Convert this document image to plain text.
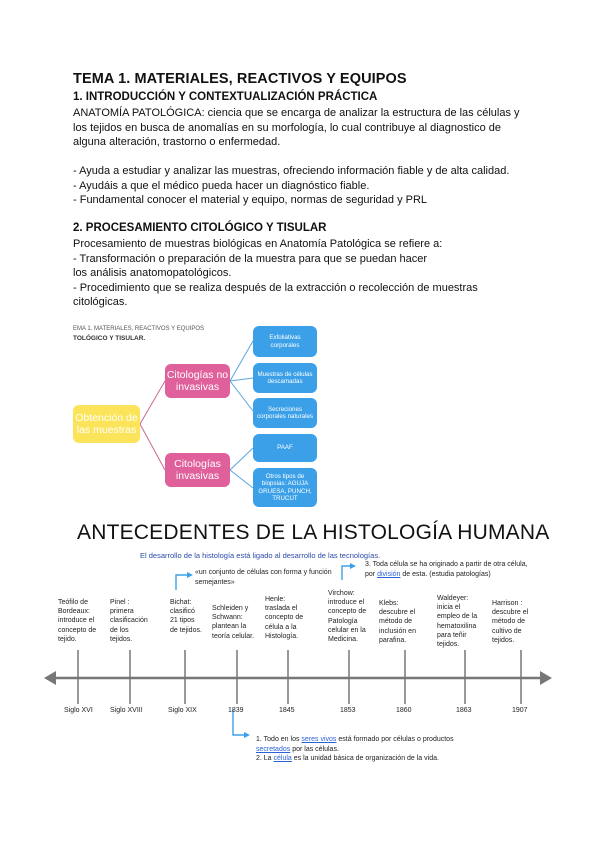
TEMA 1. MATERIALES, REACTIVOS Y EQUIPOS
1. INTRODUCCIÓN Y CONTEXTUALIZACIÓN PRÁCTICA
ANATOMÍA PATOLÓGICA: ciencia que se encarga de analizar la estructura de las células y los tejidos en busca de anomalías en su morfología, lo cual contribuye al diagnostico de alguna alteración, trastorno o enfermedad.
- Ayuda a estudiar y analizar las muestras, ofreciendo información fiable y de alta calidad.
- Ayudáis a que el médico pueda hacer un diagnóstico fiable.
- Fundamental conocer el material y equipo, normas de seguridad y PRL
2. PROCESAMIENTO CITOLÓGICO Y TISULAR
Procesamiento de muestras biológicas en Anatomía Patológica se refiere a:
- Transformación o preparación de la muestra para que se puedan hacer
los análisis anatomopatológicos.
- Procedimiento que se realiza después de la extracción o recolección de muestras citológicas.
EMA 1. MATERIALES, REACTIVOS Y EQUIPOS
TOLÓGICO Y TISULAR.
Obtención de las muestras
Citologías no invasivas
Citologías invasivas
Exfoliativas corporales
Muestras de células descamadas
Secreciones corporales naturales
PAAF
Otros tipos de biopsias: AGUJA GRUESA, PUNCH, TRUCUT
ANTECEDENTES DE LA HISTOLOGÍA HUMANA
El desarrollo de la histología está ligado al desarrollo de las tecnologías.
«un conjunto de células con forma y función semejantes»
3. Toda célula se ha originado a partir de otra célula, por división de esta. (estudia patologías)
Teófilo de Bordeaux: introduce el concepto de tejido.
Pinel : primera clasificación de los tejidos.
Bichat: clasificó 21 tipos de tejidos.
Schleiden y Schwann: plantean la teoría celular.
Henle: traslada el concepto de célula a la Histología.
Virchow: introduce el concepto de Patología celular en la Medicina.
Klebs: descubre el método de inclusión en parafina.
Waldeyer: inicia el empleo de la hematoxilina para teñir tejidos.
Harrison : descubre el método de cultivo de tejidos.
Siglo XVI Siglo XVIII	Siglo XIX	1839	1845	1853	1860	1863	1907
1. Todo en los seres vivos está formado por células o productos secretados por las células.
2. La célula es la unidad básica de organización de la vida.
